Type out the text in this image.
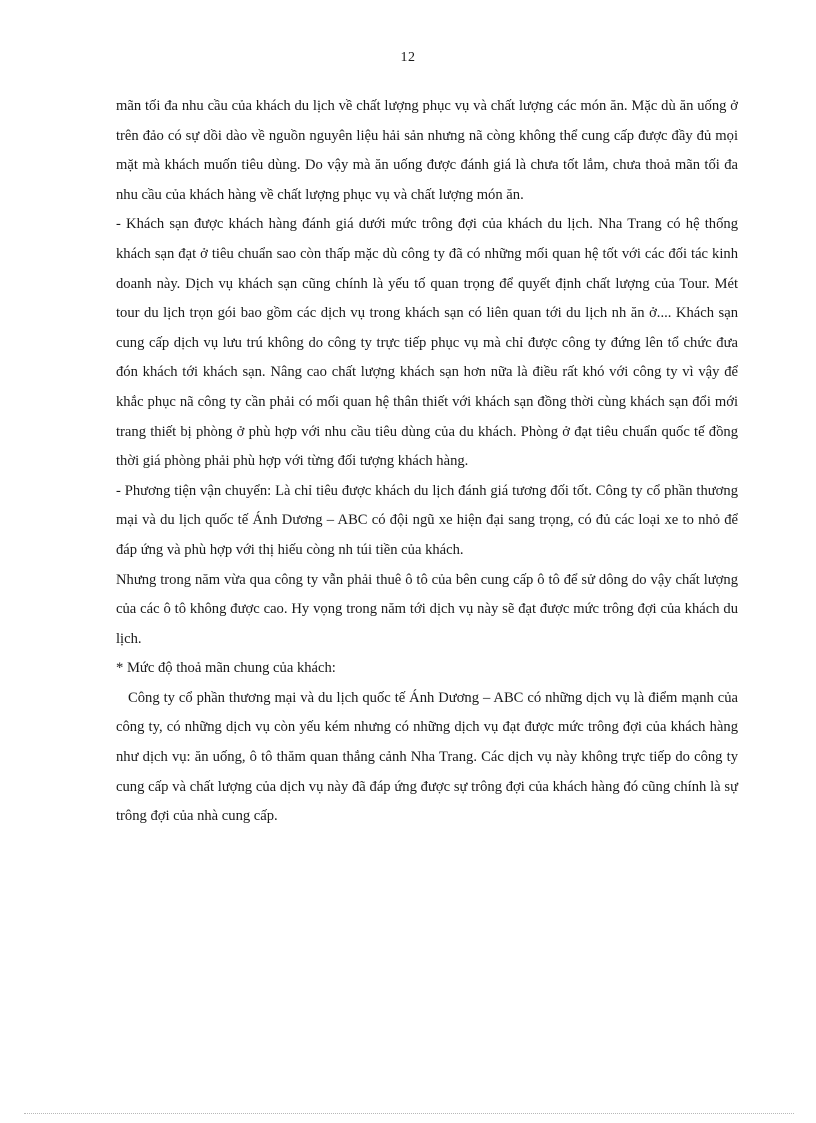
12

mãn tối đa nhu cầu của khách du lịch về chất lượng phục vụ và chất lượng các món ăn. Mặc dù ăn uống ở trên đảo có sự dồi dào về nguồn nguyên liệu hải sản nhưng nã còng không thể cung cấp được đầy đủ mọi mặt mà khách muốn tiêu dùng. Do vậy mà ăn uống được đánh giá là chưa tốt lắm, chưa thoả mãn tối đa nhu cầu của khách hàng về chất lượng phục vụ và chất lượng món ăn.

- Khách sạn được khách hàng đánh giá dưới mức trông đợi của khách du lịch. Nha Trang có hệ thống khách sạn đạt ở tiêu chuẩn sao còn thấp mặc dù công ty đã có những mối quan hệ tốt với các đối tác kinh doanh này. Dịch vụ khách sạn cũng chính là yếu tố quan trọng để quyết định chất lượng của Tour. Mét tour du lịch trọn gói bao gồm các dịch vụ trong khách sạn có liên quan tới du lịch nh ăn ở.... Khách sạn cung cấp dịch vụ lưu trú không do công ty trực tiếp phục vụ mà chỉ được công ty đứng lên tổ chức đưa đón khách tới khách sạn. Nâng cao chất lượng khách sạn hơn nữa là điều rất khó với công ty vì vậy để khắc phục nã công ty cần phải có mối quan hệ thân thiết với khách sạn đồng thời cùng khách sạn đổi mới trang thiết bị phòng ở phù hợp với nhu cầu tiêu dùng của du khách. Phòng ở đạt tiêu chuẩn quốc tế đồng thời giá phòng phải phù hợp với từng đối tượng khách hàng.

- Phương tiện vận chuyển: Là chỉ tiêu được khách du lịch đánh giá tương đối tốt. Công ty cổ phần thương mại và du lịch quốc tế Ánh Dương – ABC có đội ngũ xe hiện đại sang trọng, có đủ các loại xe to nhỏ để đáp ứng và phù hợp với thị hiếu còng nh túi tiền của khách.

Nhưng trong năm vừa qua công ty vẫn phải thuê ô tô của bên cung cấp ô tô để sử dông do vậy chất lượng của các ô tô không được cao. Hy vọng trong năm tới dịch vụ này sẽ đạt được mức trông đợi của khách du lịch.

* Mức độ thoả mãn chung của khách:

Công ty cổ phần thương mại và du lịch quốc tế Ánh Dương – ABC có những dịch vụ là điểm mạnh của công ty, có những dịch vụ còn yếu kém nhưng có những dịch vụ đạt được mức trông đợi của khách hàng như dịch vụ: ăn uống, ô tô thăm quan thắng cảnh Nha Trang. Các dịch vụ này không trực tiếp do công ty cung cấp và chất lượng của dịch vụ này đã đáp ứng được sự trông đợi của khách hàng đó cũng chính là sự trông đợi của nhà cung cấp.
